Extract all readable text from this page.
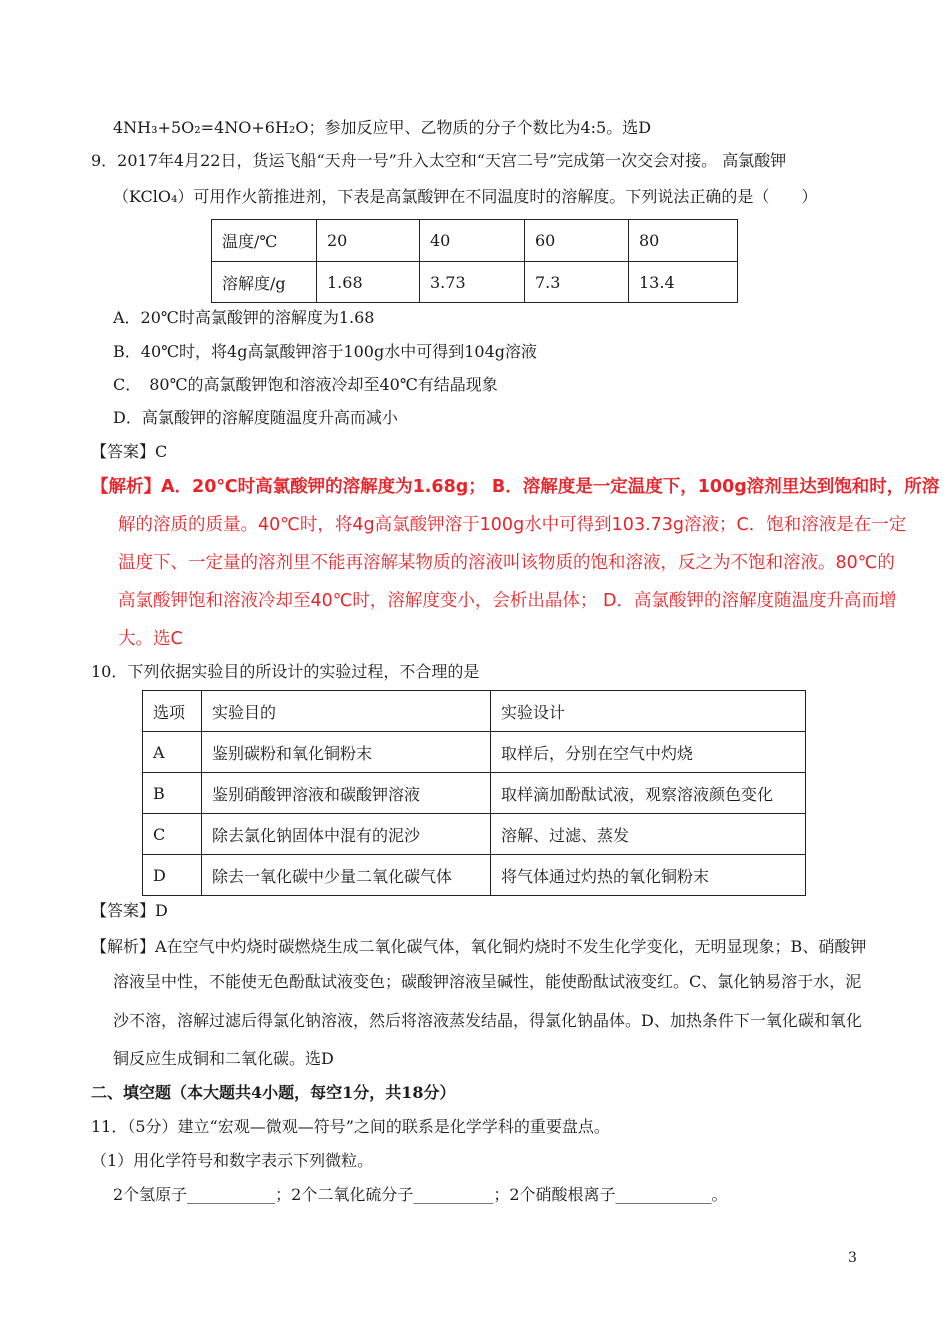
4NH₃+5O₂=4NO+6H₂O；参加反应甲、乙物质的分子个数比为4:5。选D
9．2017年4月22日，货运飞船“天舟一号”升入太空和“天宫二号”完成第一次交会对接。 高氯酸钾
（KClO₄）可用作火箭推进剂，下表是高氯酸钾在不同温度时的溶解度。下列说法正确的是（　　）
温度/℃	20	40	60	80
溶解度/g	1.68	3.73	7.3	13.4
A．20℃时高氯酸钾的溶解度为1.68
B．40℃时，将4g高氯酸钾溶于100g水中可得到104g溶液
C．　80℃的高氯酸钾饱和溶液冷却至40℃有结晶现象
D．高氯酸钾的溶解度随温度升高而减小
【答案】C
【解析】A．20℃时高氯酸钾的溶解度为1.68g； B．溶解度是一定温度下，100g溶剂里达到饱和时，所溶
解的溶质的质量。40℃时，将4g高氯酸钾溶于100g水中可得到103.73g溶液；C．饱和溶液是在一定
温度下、一定量的溶剂里不能再溶解某物质的溶液叫该物质的饱和溶液，反之为不饱和溶液。80℃的
高氯酸钾饱和溶液冷却至40℃时，溶解度变小，会析出晶体； D．高氯酸钾的溶解度随温度升高而增
大。选C
10．下列依据实验目的所设计的实验过程，不合理的是
选项	实验目的	实验设计
A	鉴别碳粉和氧化铜粉末	取样后，分别在空气中灼烧
B	鉴别硝酸钾溶液和碳酸钾溶液	取样滴加酚酞试液，观察溶液颜色变化
C	除去氯化钠固体中混有的泥沙	溶解、过滤、蒸发
D	除去一氧化碳中少量二氧化碳气体	将气体通过灼热的氧化铜粉末
【答案】D
【解析】A在空气中灼烧时碳燃烧生成二氧化碳气体，氧化铜灼烧时不发生化学变化，无明显现象；B、硝酸钾
溶液呈中性，不能使无色酚酞试液变色；碳酸钾溶液呈碱性，能使酚酞试液变红。C、氯化钠易溶于水，泥
沙不溶，溶解过滤后得氯化钠溶液，然后将溶液蒸发结晶，得氯化钠晶体。D、加热条件下一氧化碳和氧化
铜反应生成铜和二氧化碳。选D
二、填空题（本大题共4小题，每空1分，共18分）
11．（5分）建立“宏观—微观—符号”之间的联系是化学学科的重要盘点。
（1）用化学符号和数字表示下列微粒。
2个氢原子___________；2个二氧化硫分子__________；2个硝酸根离子____________。
3
